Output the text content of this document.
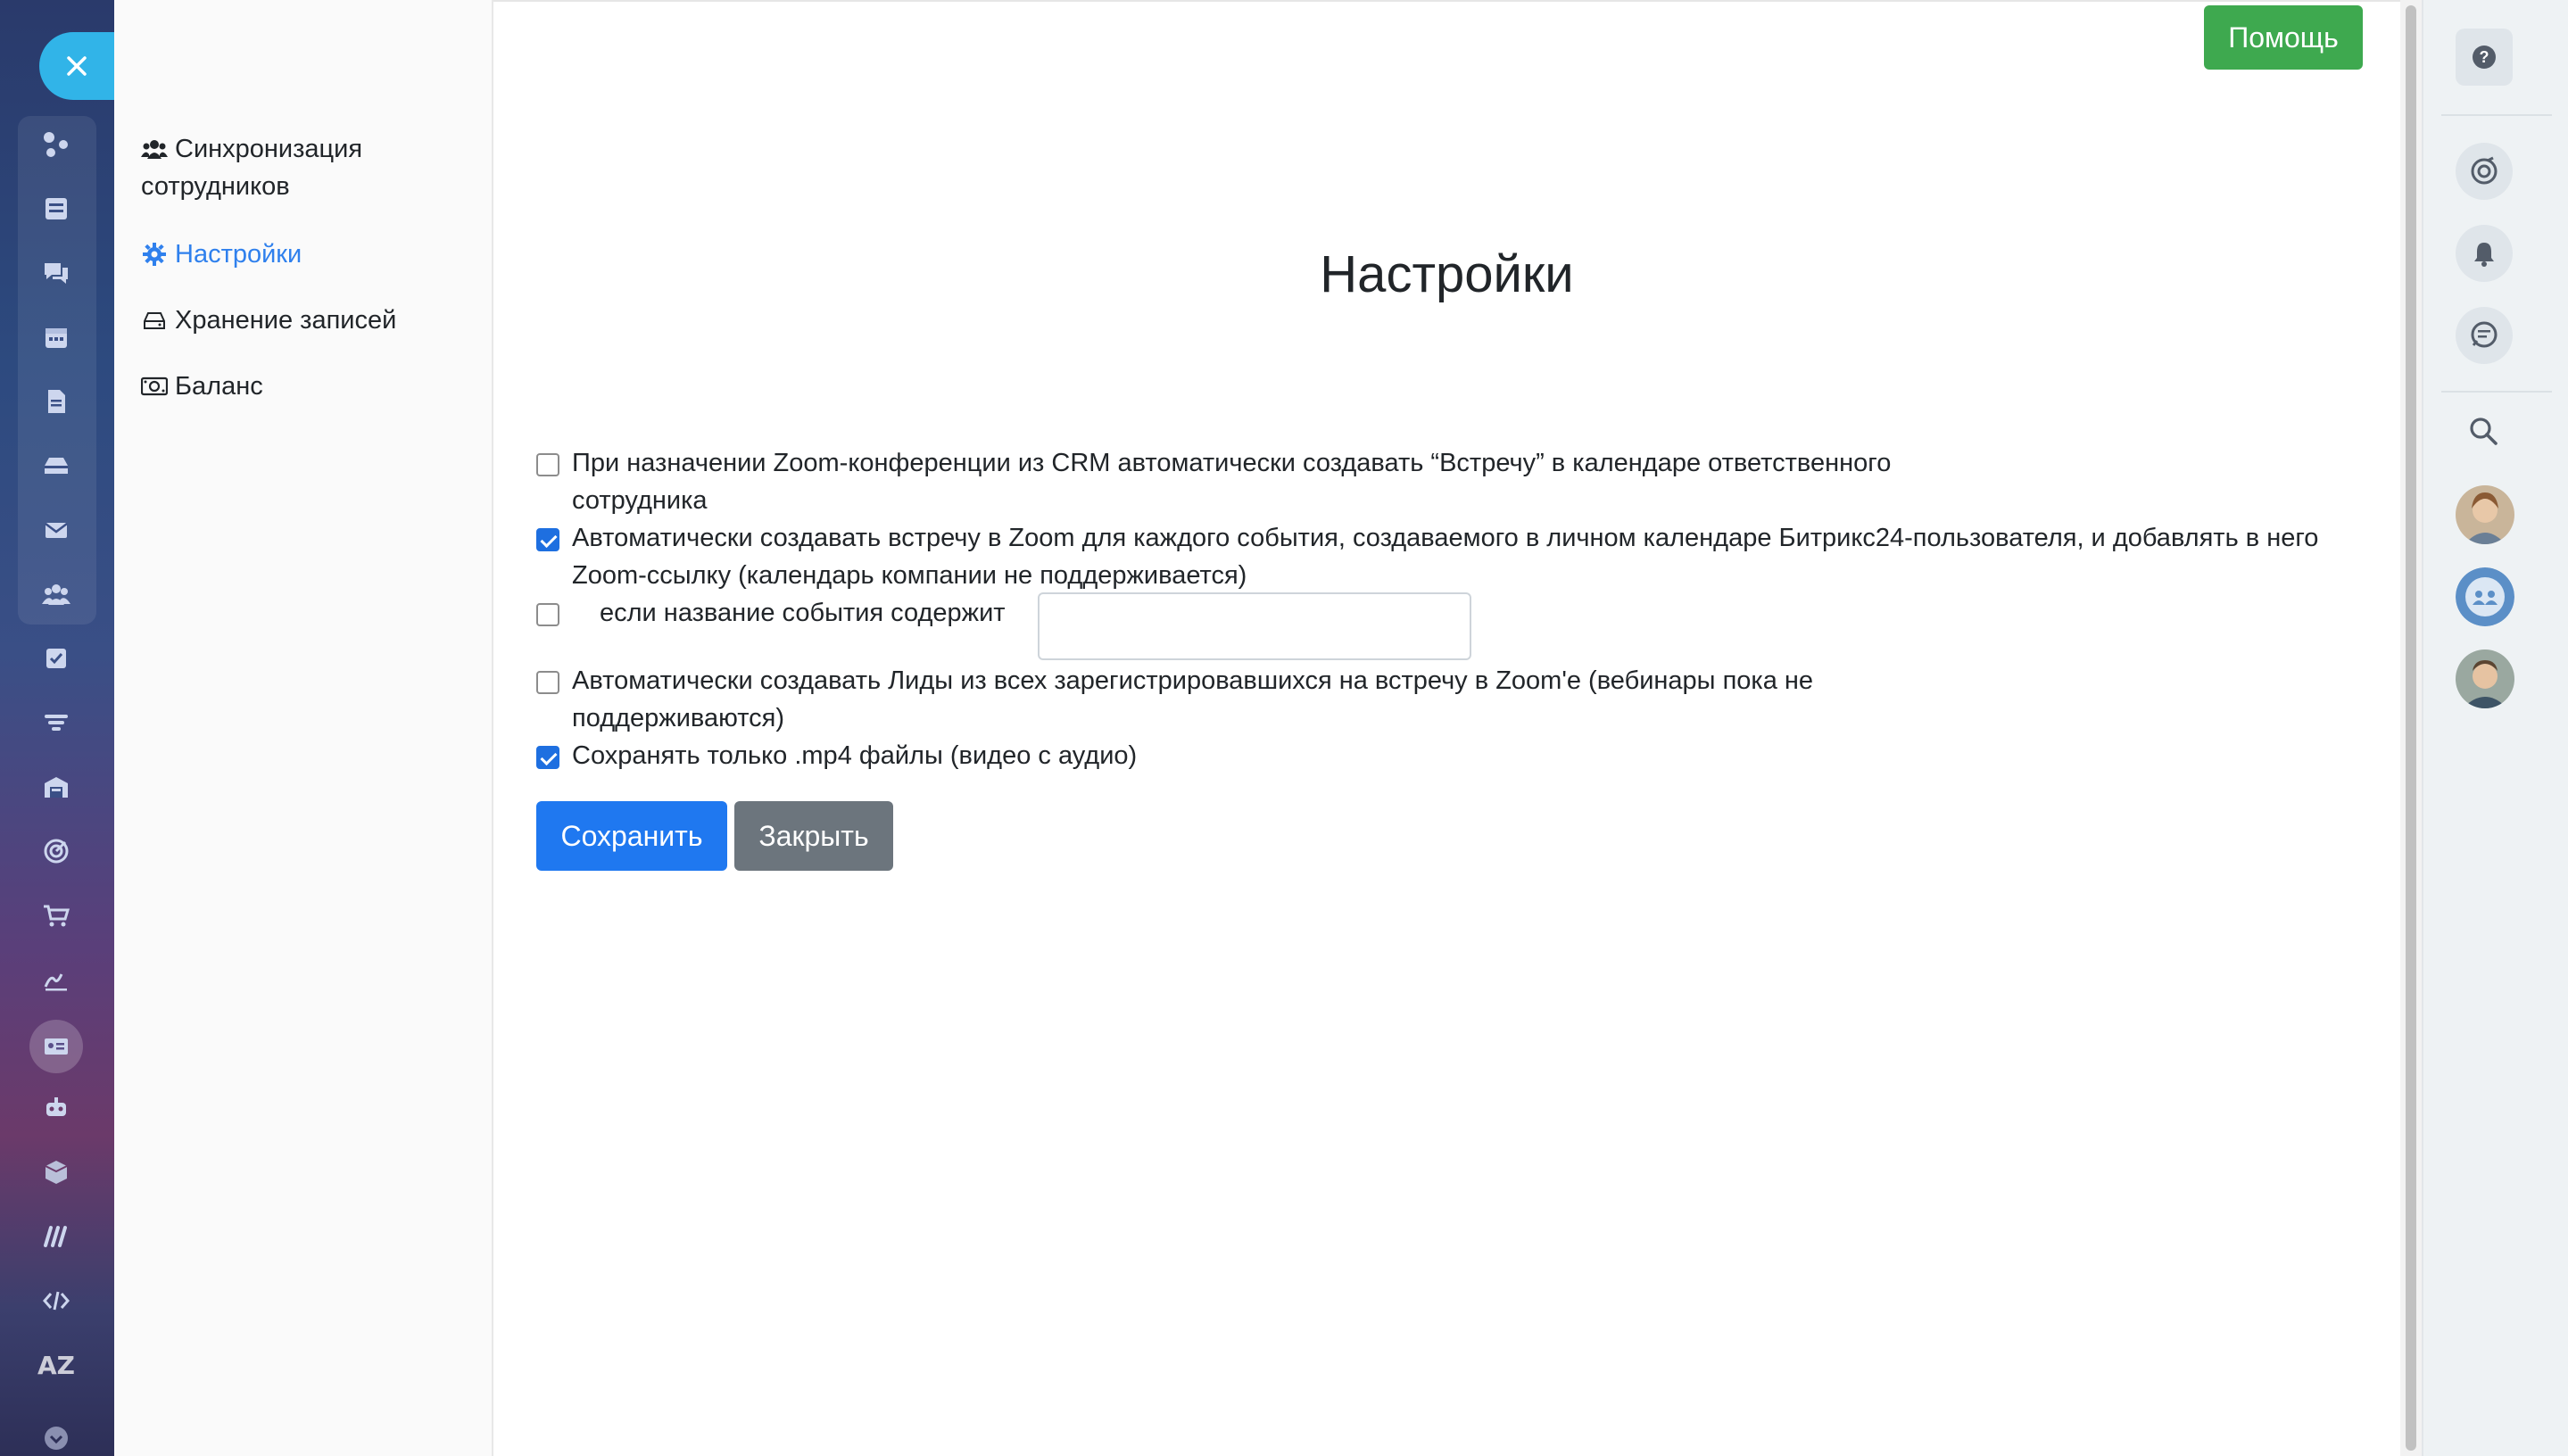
AZ
Синхронизация
сотрудников
Настройки
Хранение записей
Баланс
Помощь
Настройки
При назначении Zoom-конференции из CRM автоматически создавать “Встречу” в календаре ответственного
сотрудника
Автоматически создавать встречу в Zoom для каждого события, создаваемого в личном календаре Битрикс24-пользователя, и добавлять в него
Zoom-ссылку (календарь компании не поддерживается)
если название события содержит
Автоматически создавать Лиды из всех зарегистрировавшихся на встречу в Zoom'е (вебинары пока не
поддерживаются)
Сохранять только .mp4 файлы (видео с аудио)
Сохранить	Закрыть
?
